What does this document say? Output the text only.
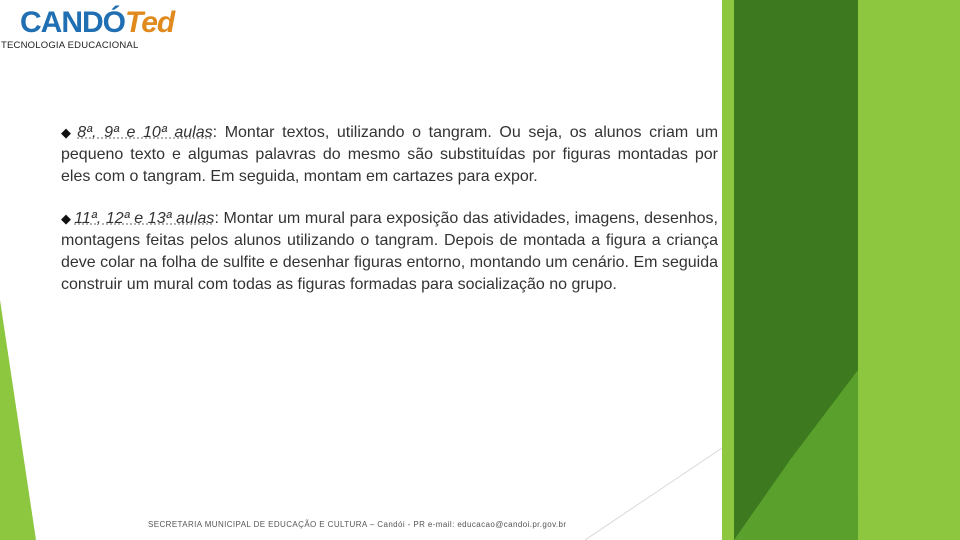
CANDÓTed
TECNOLOGIA EDUCACIONAL

◆ 8ª, 9ª e 10ª aulas: Montar textos, utilizando o tangram. Ou seja, os alunos criam um pequeno texto e algumas palavras do mesmo são substituídas por figuras montadas por eles com o tangram. Em seguida, montam em cartazes para expor.

◆ 11ª, 12ª e 13ª aulas: Montar um mural para exposição das atividades, imagens, desenhos, montagens feitas pelos alunos utilizando o tangram. Depois de montada a figura a criança deve colar na folha de sulfite e desenhar figuras entorno, montando um cenário. Em seguida construir um mural com todas as figuras formadas para socialização no grupo.

SECRETARIA MUNICIPAL DE EDUCAÇÃO E CULTURA – Candói - PR e-mail: educacao@candoi.pr.gov.br
